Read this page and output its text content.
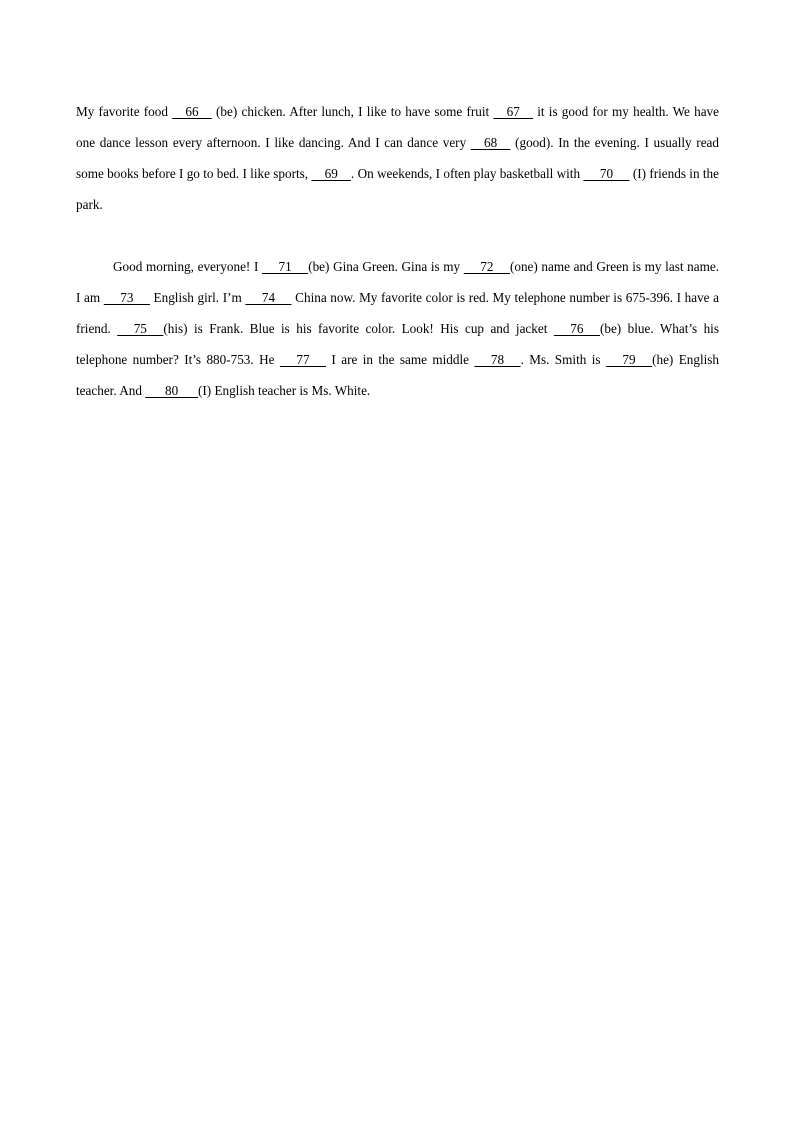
My favorite food     66     (be) chicken. After lunch, I like to have some fruit     67     it is good for my health. We have one dance lesson every afternoon. I like dancing. And I can dance very     68     (good). In the evening. I usually read some books before I go to bed. I like sports,     69    . On weekends, I often play basketball with      70      (I) friends in the park.

Good morning, everyone! I      71     (be) Gina Green. Gina is my      72     (one) name and Green is my last name. I am      73      English girl. I’m      74      China now. My favorite color is red. My telephone number is 675-396. I have a friend.      75     (his) is Frank. Blue is his favorite color. Look! His cup and jacket      76     (be) blue. What’s his telephone number? It’s 880-753. He      77      I are in the same middle      78     . Ms. Smith is      79     (he) English teacher. And       80      (I) English teacher is Ms. White.
